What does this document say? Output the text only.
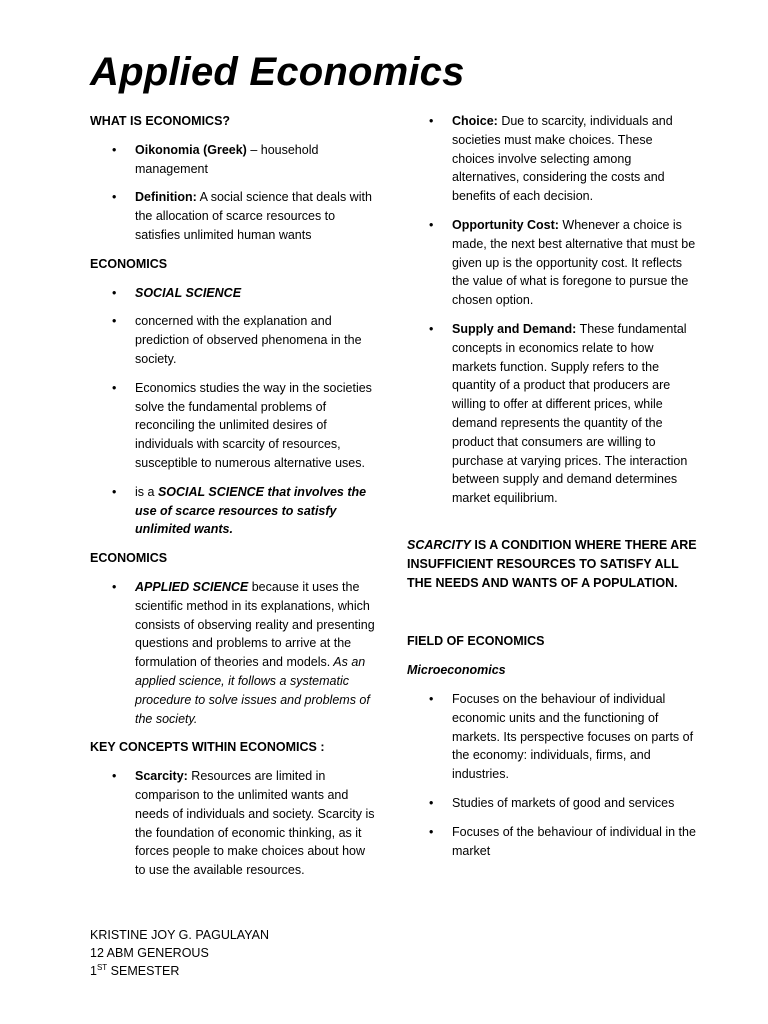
Applied Economics
WHAT IS ECONOMICS?
• Oikonomia (Greek) – household management
• Definition: A social science that deals with the allocation of scarce resources to satisfies unlimited human wants
ECONOMICS
• SOCIAL SCIENCE
• concerned with the explanation and prediction of observed phenomena in the society.
• Economics studies the way in the societies solve the fundamental problems of reconciling the unlimited desires of individuals with scarcity of resources, susceptible to numerous alternative uses.
• is a SOCIAL SCIENCE that involves the use of scarce resources to satisfy unlimited wants.
ECONOMICS
• APPLIED SCIENCE because it uses the scientific method in its explanations, which consists of observing reality and presenting questions and problems to arrive at the formulation of theories and models. As an applied science, it follows a systematic procedure to solve issues and problems of the society.
KEY CONCEPTS WITHIN ECONOMICS :
• Scarcity: Resources are limited in comparison to the unlimited wants and needs of individuals and society. Scarcity is the foundation of economic thinking, as it forces people to make choices about how to use the available resources.
• Choice: Due to scarcity, individuals and societies must make choices. These choices involve selecting among alternatives, considering the costs and benefits of each decision.
• Opportunity Cost: Whenever a choice is made, the next best alternative that must be given up is the opportunity cost. It reflects the value of what is foregone to pursue the chosen option.
• Supply and Demand: These fundamental concepts in economics relate to how markets function. Supply refers to the quantity of a product that producers are willing to offer at different prices, while demand represents the quantity of the product that consumers are willing to purchase at varying prices. The interaction between supply and demand determines market equilibrium.
SCARCITY IS A CONDITION WHERE THERE ARE INSUFFICIENT RESOURCES TO SATISFY ALL THE NEEDS AND WANTS OF A POPULATION.
FIELD OF ECONOMICS
Microeconomics
• Focuses on the behaviour of individual economic units and the functioning of markets. Its perspective focuses on parts of the economy: individuals, firms, and industries.
• Studies of markets of good and services
• Focuses of the behaviour of individual in the market
KRISTINE JOY G. PAGULAYAN
12 ABM GENEROUS
1ST SEMESTER
